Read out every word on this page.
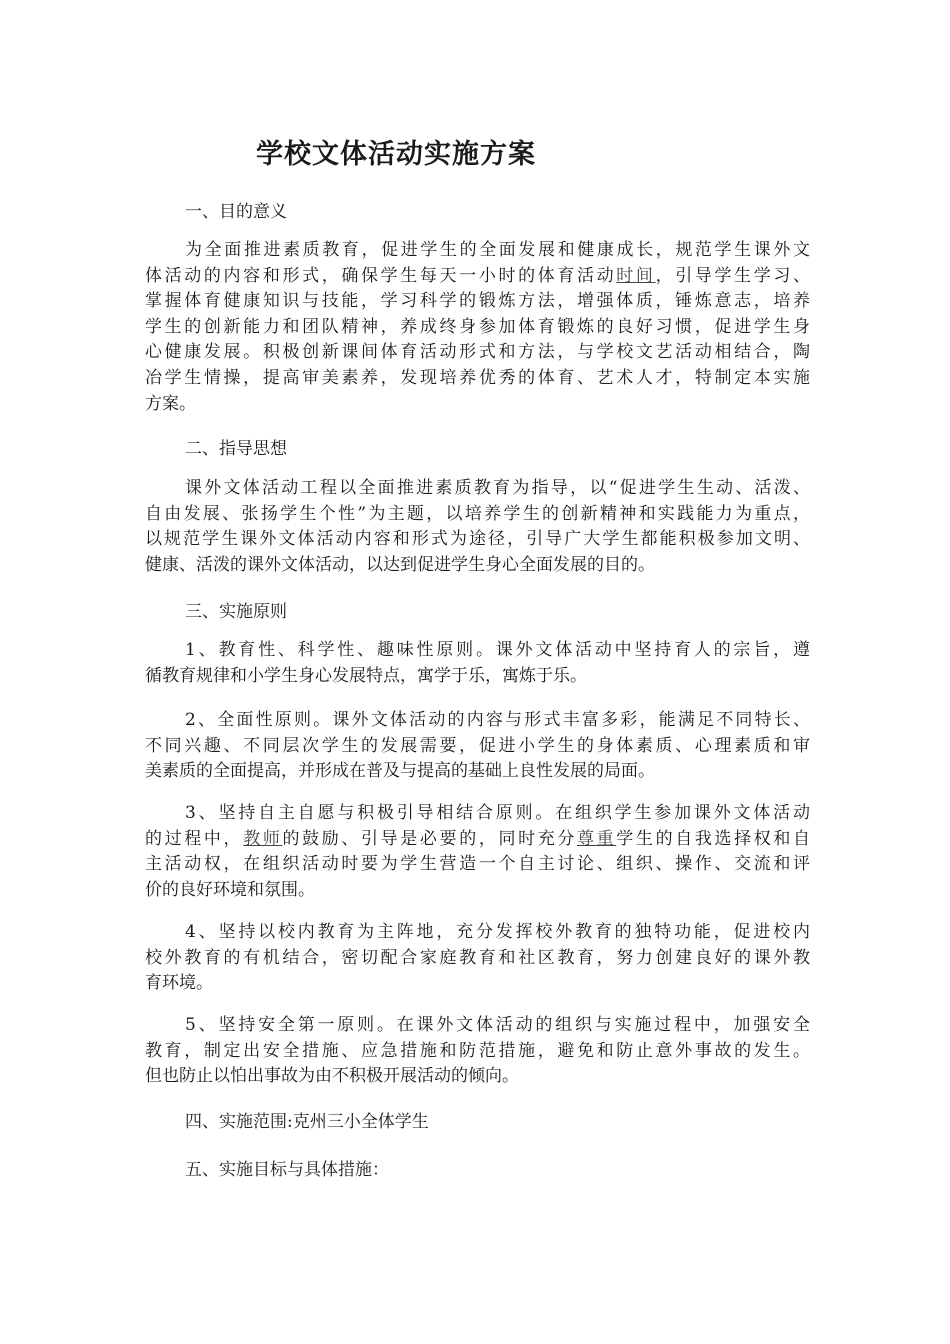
学校文体活动实施方案
一、目的意义
为全面推进素质教育，促进学生的全面发展和健康成长，规范学生课外文
体活动的内容和形式，确保学生每天一小时的体育活动时间，引导学生学习、
掌握体育健康知识与技能，学习科学的锻炼方法，增强体质，锤炼意志，培养
学生的创新能力和团队精神，养成终身参加体育锻炼的良好习惯，促进学生身
心健康发展。积极创新课间体育活动形式和方法，与学校文艺活动相结合，陶
冶学生情操，提高审美素养，发现培养优秀的体育、艺术人才，特制定本实施
方案。
二、指导思想
课外文体活动工程以全面推进素质教育为指导，以“促进学生生动、活泼、
自由发展、张扬学生个性”为主题，以培养学生的创新精神和实践能力为重点，
以规范学生课外文体活动内容和形式为途径，引导广大学生都能积极参加文明、
健康、活泼的课外文体活动，以达到促进学生身心全面发展的目的。
三、实施原则
1、教育性、科学性、趣味性原则。课外文体活动中坚持育人的宗旨，遵
循教育规律和小学生身心发展特点，寓学于乐，寓炼于乐。
2、全面性原则。课外文体活动的内容与形式丰富多彩，能满足不同特长、
不同兴趣、不同层次学生的发展需要，促进小学生的身体素质、心理素质和审
美素质的全面提高，并形成在普及与提高的基础上良性发展的局面。
3、坚持自主自愿与积极引导相结合原则。在组织学生参加课外文体活动
的过程中，教师的鼓励、引导是必要的，同时充分尊重学生的自我选择权和自
主活动权，在组织活动时要为学生营造一个自主讨论、组织、操作、交流和评
价的良好环境和氛围。
4、坚持以校内教育为主阵地，充分发挥校外教育的独特功能，促进校内
校外教育的有机结合，密切配合家庭教育和社区教育，努力创建良好的课外教
育环境。
5、坚持安全第一原则。在课外文体活动的组织与实施过程中，加强安全
教育，制定出安全措施、应急措施和防范措施，避免和防止意外事故的发生。
但也防止以怕出事故为由不积极开展活动的倾向。
四、实施范围:克州三小全体学生
五、实施目标与具体措施：
